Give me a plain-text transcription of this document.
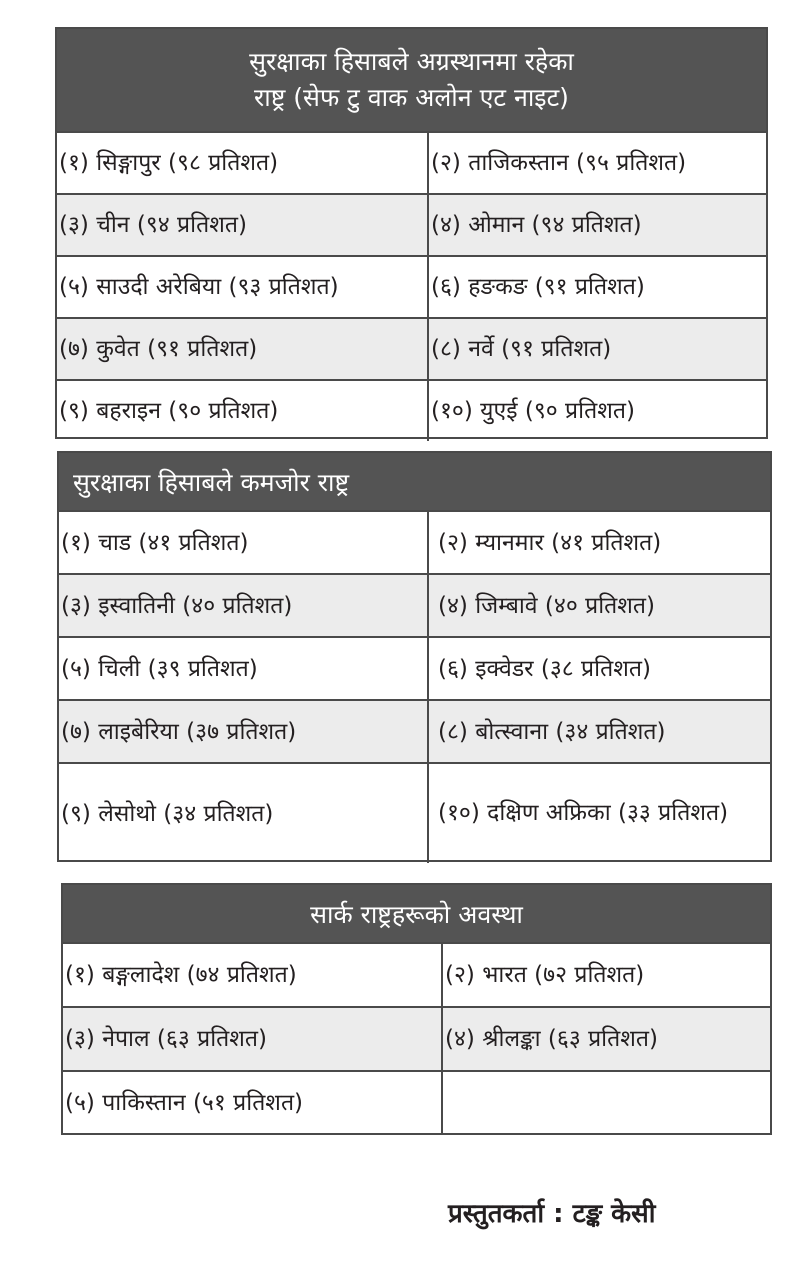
सुरक्षाका हिसाबले अग्रस्थानमा रहेका
राष्ट्र (सेफ टु वाक अलोन एट नाइट)
(१) सिङ्गापुर (९८ प्रतिशत)	(२) ताजिकस्तान (९५ प्रतिशत)
(३) चीन (९४ प्रतिशत)	(४) ओमान (९४ प्रतिशत)
(५) साउदी अरेबिया (९३ प्रतिशत)	(६) हङकङ (९१ प्रतिशत)
(७) कुवेत (९१ प्रतिशत)	(८) नर्वे (९१ प्रतिशत)
(९) बहराइन (९० प्रतिशत)	(१०) युएई (९० प्रतिशत)
सुरक्षाका हिसाबले कमजोर राष्ट्र
(१) चाड (४१ प्रतिशत)	(२) म्यानमार (४१ प्रतिशत)
(३) इस्वातिनी (४० प्रतिशत)	(४) जिम्बावे (४० प्रतिशत)
(५) चिली (३९ प्रतिशत)	(६) इक्वेडर (३८ प्रतिशत)
(७) लाइबेरिया (३७ प्रतिशत)	(८) बोत्स्वाना (३४ प्रतिशत)
(९) लेसोथो (३४ प्रतिशत)	(१०) दक्षिण अफ्रिका (३३ प्रतिशत)
सार्क राष्ट्रहरूको अवस्था
(१) बङ्गलादेश (७४ प्रतिशत)	(२) भारत (७२ प्रतिशत)
(३) नेपाल (६३ प्रतिशत)	(४) श्रीलङ्का (६३ प्रतिशत)
(५) पाकिस्तान (५१ प्रतिशत)
प्रस्तुतकर्ता : टङ्क केसी
